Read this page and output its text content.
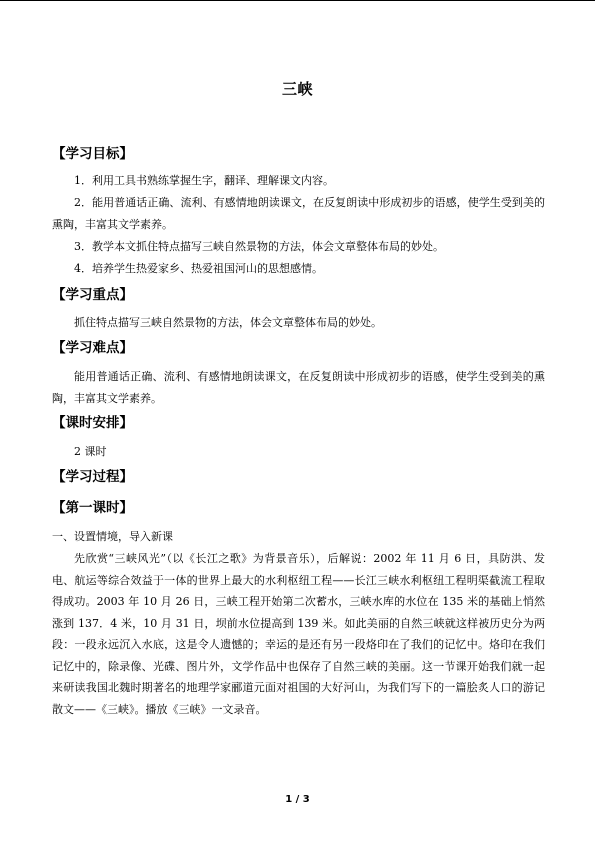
三峡
【学习目标】
1．利用工具书熟练掌握生字，翻译、理解课文内容。
2．能用普通话正确、流利、有感情地朗读课文，在反复朗读中形成初步的语感，使学生受到美的熏陶，丰富其文学素养。
3．教学本文抓住特点描写三峡自然景物的方法，体会文章整体布局的妙处。
4．培养学生热爱家乡、热爱祖国河山的思想感情。
【学习重点】
抓住特点描写三峡自然景物的方法，体会文章整体布局的妙处。
【学习难点】
能用普通话正确、流利、有感情地朗读课文，在反复朗读中形成初步的语感，使学生受到美的熏陶，丰富其文学素养。
【课时安排】
2 课时
【学习过程】
【第一课时】
一、设置情境，导入新课
先欣赏“三峡风光”（以《长江之歌》为背景音乐），后解说：2002 年 11 月 6 日，具防洪、发电、航运等综合效益于一体的世界上最大的水利枢纽工程——长江三峡水利枢纽工程明渠截流工程取得成功。2003 年 10 月 26 日，三峡工程开始第二次蓄水，三峡水库的水位在 135 米的基础上悄然涨到 137．4 米，10 月 31 日，坝前水位提高到 139 米。如此美丽的自然三峡就这样被历史分为两段：一段永远沉入水底，这是令人遗憾的；幸运的是还有另一段烙印在了我们的记忆中。烙印在我们记忆中的，除录像、光碟、图片外，文学作品中也保存了自然三峡的美丽。这一节课开始我们就一起来研读我国北魏时期著名的地理学家郦道元面对祖国的大好河山，为我们写下的一篇脍炙人口的游记散文——《三峡》。播放《三峡》一文录音。
1 / 3
